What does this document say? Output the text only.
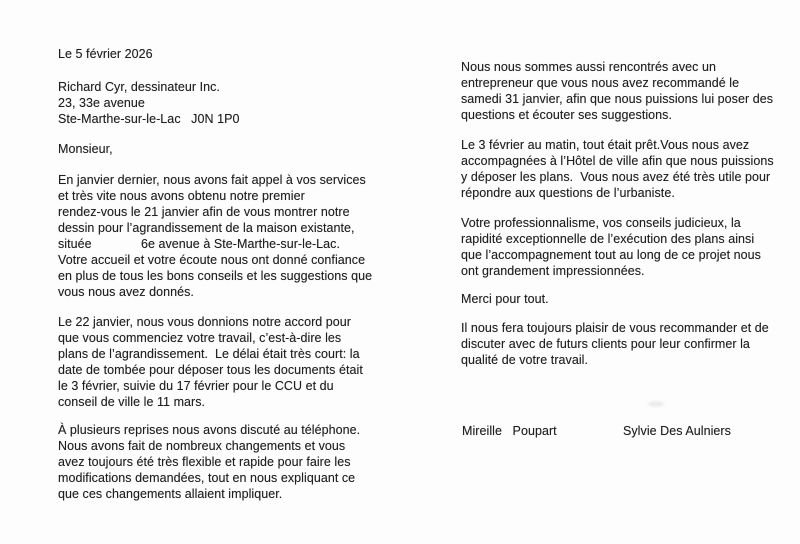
Le 5 février 2026
Richard Cyr, dessinateur Inc.
23, 33e avenue
Ste-Marthe-sur-le-Lac   J0N 1P0
Monsieur,
En janvier dernier, nous avons fait appel à vos services
et très vite nous avons obtenu notre premier
rendez-vous le 21 janvier afin de vous montrer notre
dessin pour l’agrandissement de la maison existante,
située              6e avenue à Ste-Marthe-sur-le-Lac.
Votre accueil et votre écoute nous ont donné confiance
en plus de tous les bons conseils et les suggestions que
vous nous avez donnés.
Le 22 janvier, nous vous donnions notre accord pour
que vous commenciez votre travail, c’est-à-dire les
plans de l’agrandissement.  Le délai était très court: la
date de tombée pour déposer tous les documents était
le 3 février, suivie du 17 février pour le CCU et du
conseil de ville le 11 mars.
À plusieurs reprises nous avons discuté au téléphone.
Nous avons fait de nombreux changements et vous
avez toujours été très flexible et rapide pour faire les
modifications demandées, tout en nous expliquant ce
que ces changements allaient impliquer.
Nous nous sommes aussi rencontrés avec un
entrepreneur que vous nous avez recommandé le
samedi 31 janvier, afin que nous puissions lui poser des
questions et écouter ses suggestions.
Le 3 février au matin, tout était prêt.Vous nous avez
accompagnées à l’Hôtel de ville afin que nous puissions
y déposer les plans.  Vous nous avez été très utile pour
répondre aux questions de l’urbaniste.
Votre professionnalisme, vos conseils judicieux, la
rapidité exceptionnelle de l’exécution des plans ainsi
que l’accompagnement tout au long de ce projet nous
ont grandement impressionnées.
Merci pour tout.
Il nous fera toujours plaisir de vous recommander et de
discuter avec de futurs clients pour leur confirmer la
qualité de votre travail.
Mireille   Poupart	Sylvie Des Aulniers
